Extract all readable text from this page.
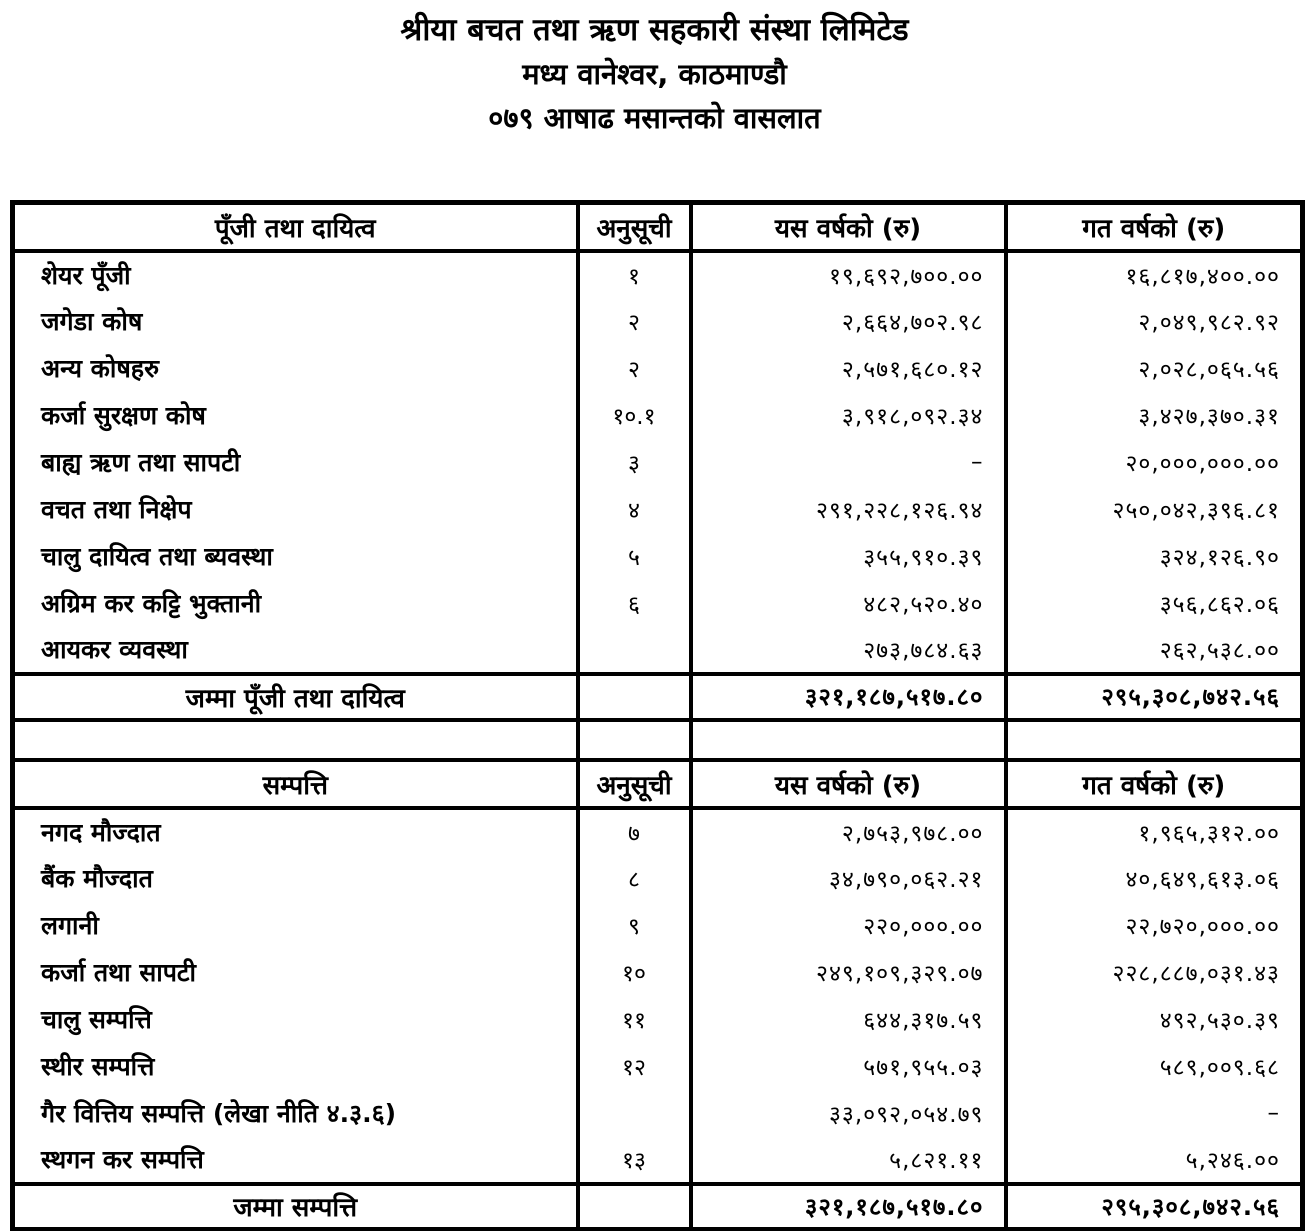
श्रीया बचत तथा ऋण सहकारी संस्था लिमिटेड
मध्य वानेश्वर, काठमाण्डौ
०७९ आषाढ मसान्तको वासलात
पूँजी तथा दायित्व	अनुसूची	यस वर्षको (रु)	गत वर्षको (रु)
शेयर पूँजी	१	१९,६९२,७००.००	१६,८१७,४००.००
जगेडा कोष	२	२,६६४,७०२.९८	२,०४९,९८२.९२
अन्य कोषहरु	२	२,५७१,६८०.१२	२,०२८,०६५.५६
कर्जा सुरक्षण कोष	१०.१	३,९१८,०९२.३४	३,४२७,३७०.३१
बाह्य ऋण तथा सापटी	३	–	२०,०००,०००.००
वचत तथा निक्षेप	४	२९१,२२८,१२६.९४	२५०,०४२,३९६.८१
चालु दायित्व तथा ब्यवस्था	५	३५५,९१०.३९	३२४,१२६.९०
अग्रिम कर कट्टि भुक्तानी	६	४८२,५२०.४०	३५६,८६२.०६
आयकर व्यवस्था		२७३,७८४.६३	२६२,५३८.००
जम्मा पूँजी तथा दायित्व		३२१,१८७,५१७.८०	२९५,३०८,७४२.५६

सम्पत्ति	अनुसूची	यस वर्षको (रु)	गत वर्षको (रु)
नगद मौज्दात	७	२,७५३,९७८.००	१,९६५,३१२.००
बैंक मौज्दात	८	३४,७९०,०६२.२१	४०,६४९,६१३.०६
लगानी	९	२२०,०००.००	२२,७२०,०००.००
कर्जा तथा सापटी	१०	२४९,१०९,३२९.०७	२२८,८८७,०३१.४३
चालु सम्पत्ति	११	६४४,३१७.५९	४९२,५३०.३९
स्थीर सम्पत्ति	१२	५७१,९५५.०३	५८९,००९.६८
गैर वित्तिय सम्पत्ति (लेखा नीति ४.३.६)		३३,०९२,०५४.७९	–
स्थगन कर सम्पत्ति	१३	५,८२१.११	५,२४६.००
जम्मा सम्पत्ति		३२१,१८७,५१७.८०	२९५,३०८,७४२.५६
